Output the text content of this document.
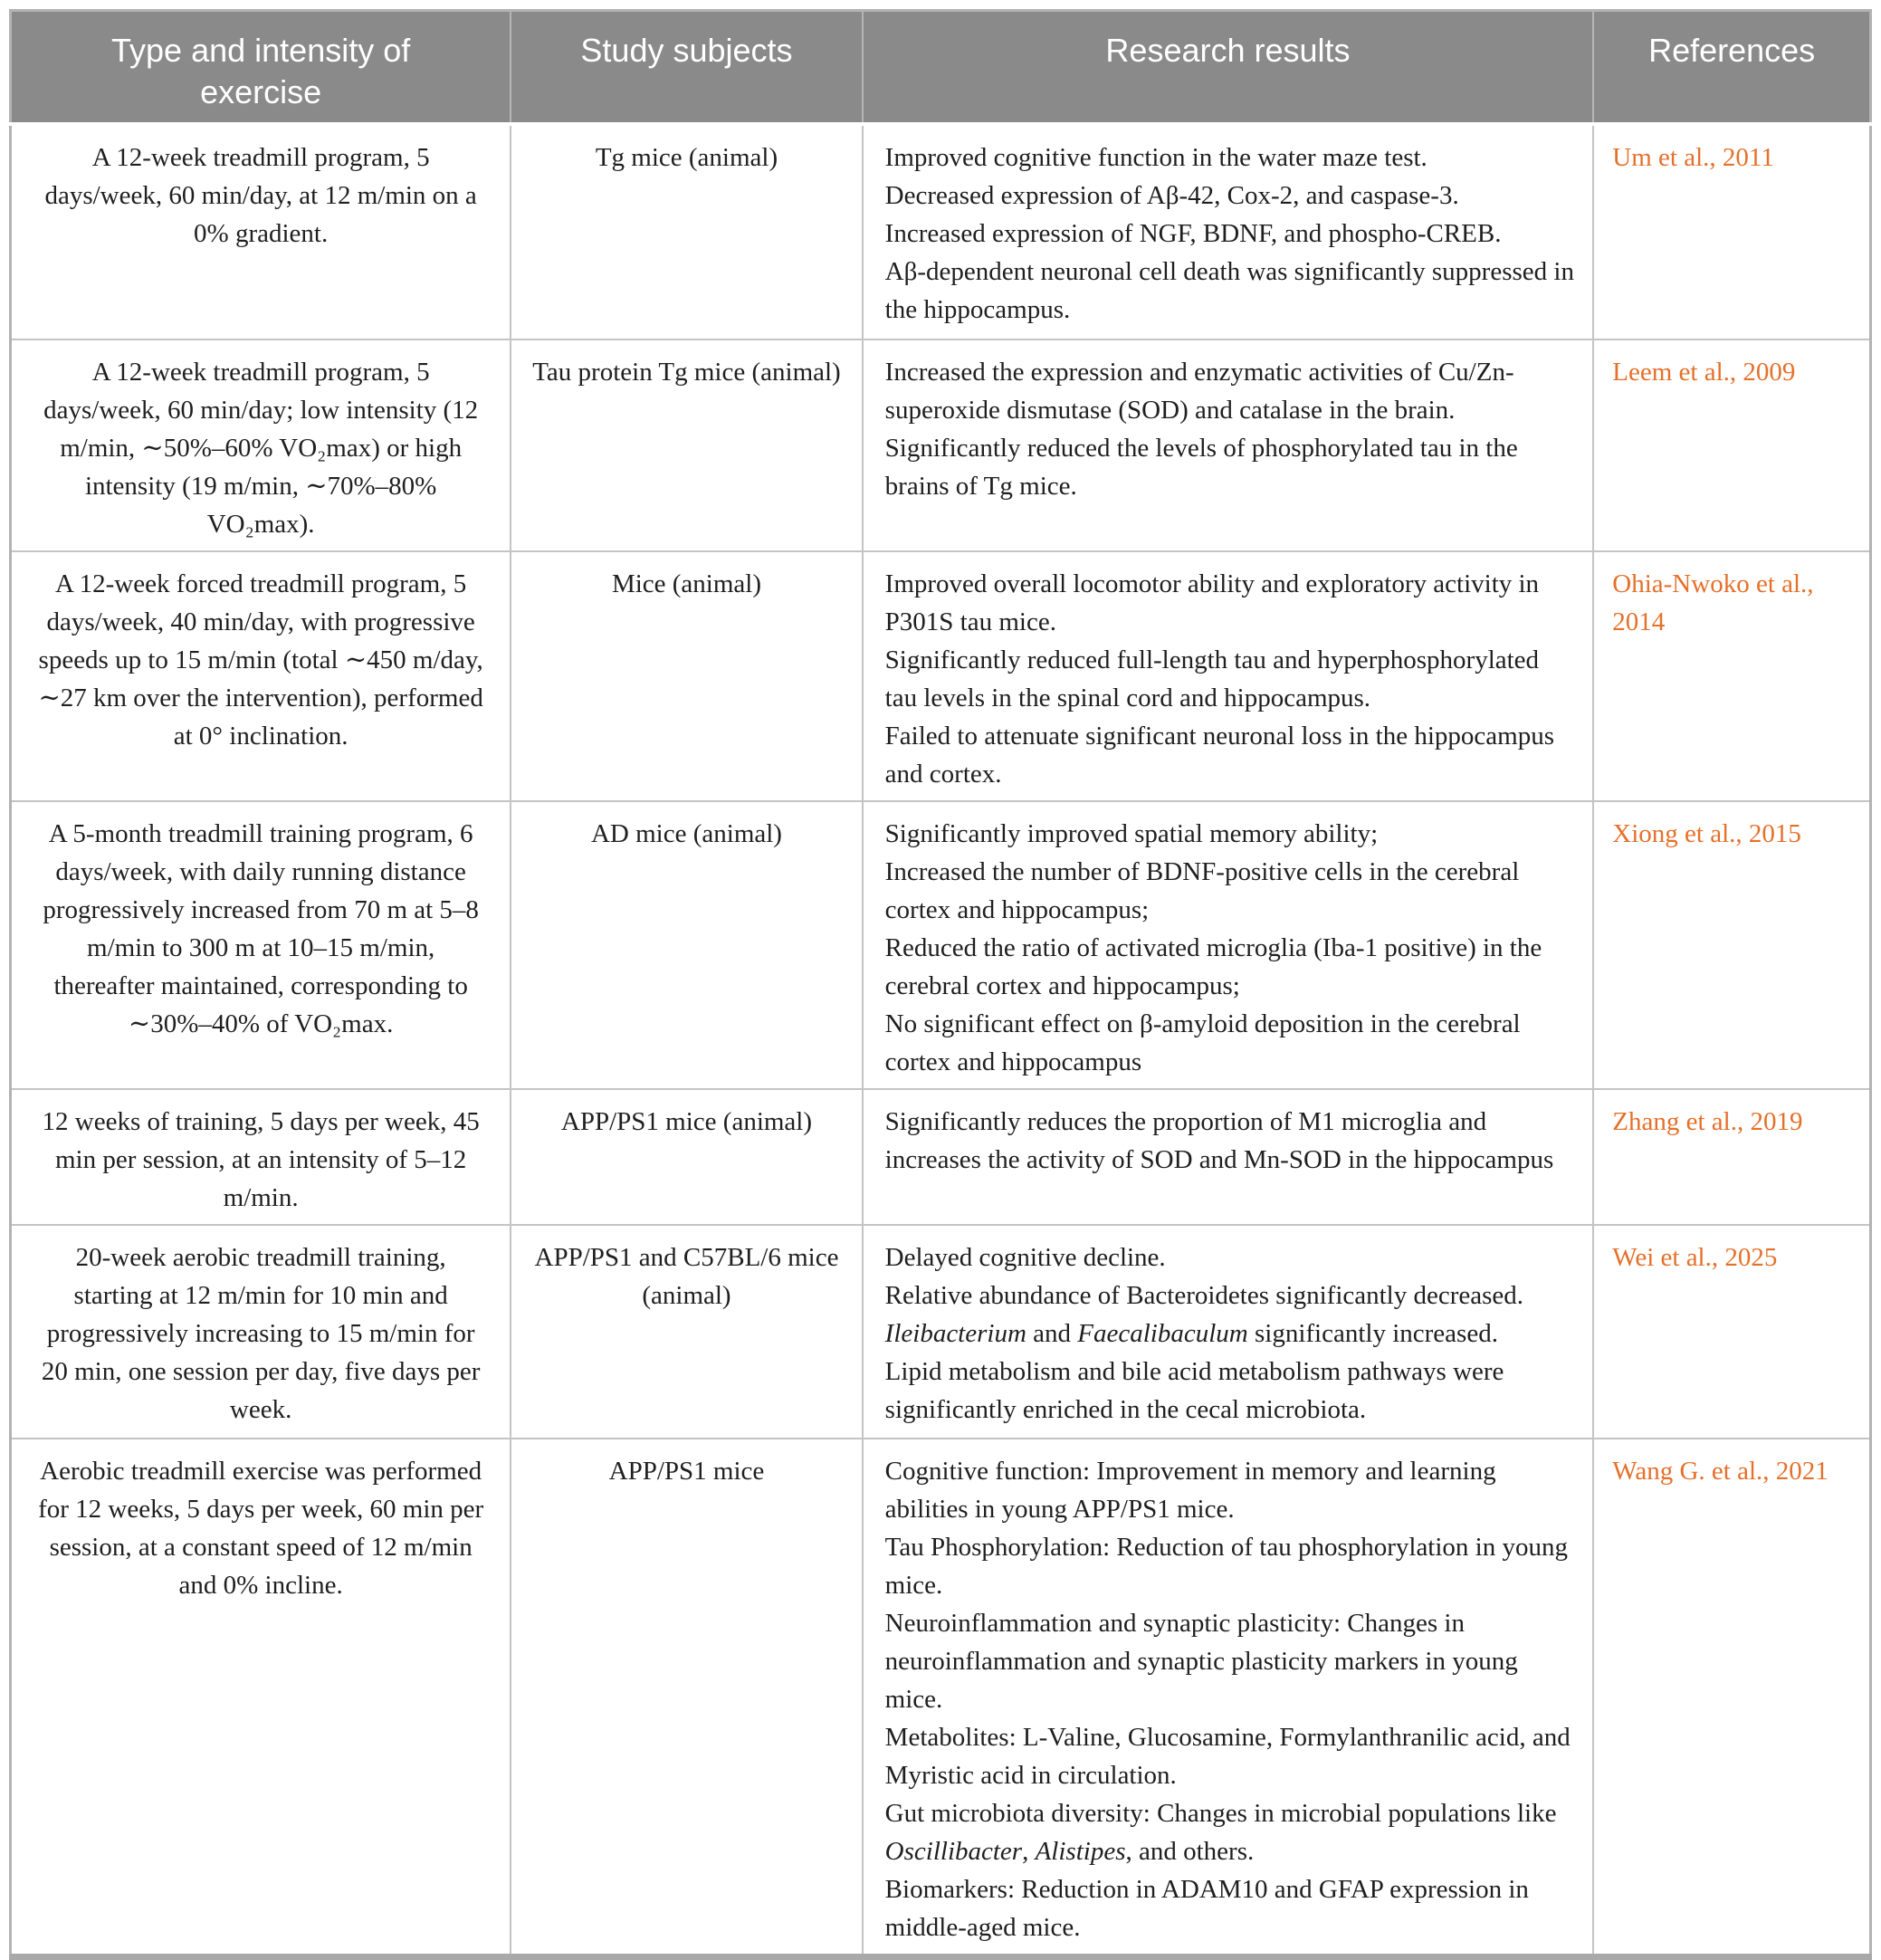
Type and intensity of exercise	Study subjects	Research results	References
A 12-week treadmill program, 5 days/week, 60 min/day, at 12 m/min on a 0% gradient.	Tg mice (animal)	Improved cognitive function in the water maze test.
Decreased expression of Aβ-42, Cox-2, and caspase-3.
Increased expression of NGF, BDNF, and phospho-CREB.
Aβ-dependent neuronal cell death was significantly suppressed in the hippocampus.	Um et al., 2011
A 12-week treadmill program, 5 days/week, 60 min/day; low intensity (12 m/min, ∼50%–60% VO₂max) or high intensity (19 m/min, ∼70%–80% VO₂max).	Tau protein Tg mice (animal)	Increased the expression and enzymatic activities of Cu/Zn-superoxide dismutase (SOD) and catalase in the brain.
Significantly reduced the levels of phosphorylated tau in the brains of Tg mice.	Leem et al., 2009
A 12-week forced treadmill program, 5 days/week, 40 min/day, with progressive speeds up to 15 m/min (total ∼450 m/day, ∼27 km over the intervention), performed at 0° inclination.	Mice (animal)	Improved overall locomotor ability and exploratory activity in P301S tau mice.
Significantly reduced full-length tau and hyperphosphorylated tau levels in the spinal cord and hippocampus.
Failed to attenuate significant neuronal loss in the hippocampus and cortex.	Ohia-Nwoko et al., 2014
A 5-month treadmill training program, 6 days/week, with daily running distance progressively increased from 70 m at 5–8 m/min to 300 m at 10–15 m/min, thereafter maintained, corresponding to ∼30%–40% of VO₂max.	AD mice (animal)	Significantly improved spatial memory ability;
Increased the number of BDNF-positive cells in the cerebral cortex and hippocampus;
Reduced the ratio of activated microglia (Iba-1 positive) in the cerebral cortex and hippocampus;
No significant effect on β-amyloid deposition in the cerebral cortex and hippocampus
	Xiong et al., 2015
12 weeks of training, 5 days per week, 45 min per session, at an intensity of 5–12 m/min.	APP/PS1 mice (animal)	Significantly reduces the proportion of M1 microglia and increases the activity of SOD and Mn-SOD in the hippocampus	Zhang et al., 2019
20-week aerobic treadmill training, starting at 12 m/min for 10 min and progressively increasing to 15 m/min for 20 min, one session per day, five days per week.	APP/PS1 and C57BL/6 mice (animal)	Delayed cognitive decline.
Relative abundance of Bacteroidetes significantly decreased.
Ileibacterium and Faecalibaculum significantly increased.
Lipid metabolism and bile acid metabolism pathways were significantly enriched in the cecal microbiota.	Wei et al., 2025
Aerobic treadmill exercise was performed for 12 weeks, 5 days per week, 60 min per session, at a constant speed of 12 m/min and 0% incline.	APP/PS1 mice	Cognitive function: Improvement in memory and learning abilities in young APP/PS1 mice.
Tau Phosphorylation: Reduction of tau phosphorylation in young mice.
Neuroinflammation and synaptic plasticity: Changes in neuroinflammation and synaptic plasticity markers in young mice.
Metabolites: L-Valine, Glucosamine, Formylanthranilic acid, and Myristic acid in circulation.
Gut microbiota diversity: Changes in microbial populations like Oscillibacter, Alistipes, and others.
Biomarkers: Reduction in ADAM10 and GFAP expression in middle-aged mice.
	Wang G. et al., 2021
